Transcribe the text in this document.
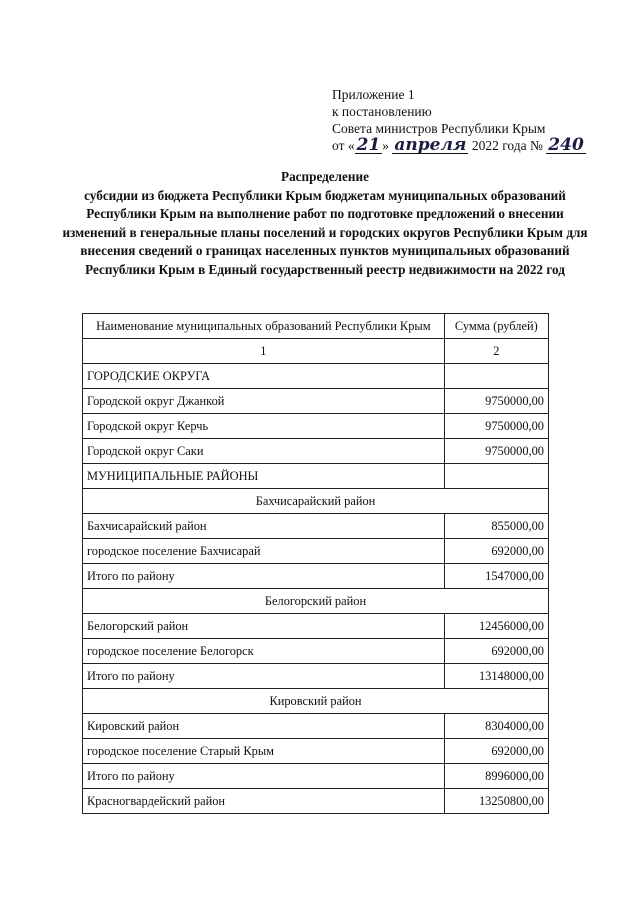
Приложение 1
к постановлению
Совета министров Республики Крым
от « 21 » апреля 2022 года № 240
Распределение
субсидии из бюджета Республики Крым бюджетам муниципальных образований Республики Крым на выполнение работ по подготовке предложений о внесении изменений в генеральные планы поселений и городских округов Республики Крым для внесения сведений о границах населенных пунктов муниципальных образований Республики Крым в Единый государственный реестр недвижимости на 2022 год
Наименование муниципальных образований Республики Крым	Сумма (рублей)
1	2
ГОРОДСКИЕ ОКРУГА	
Городской округ Джанкой	9750000,00
Городской округ Керчь	9750000,00
Городской округ Саки	9750000,00
МУНИЦИПАЛЬНЫЕ РАЙОНЫ	
Бахчисарайский район	
Бахчисарайский район	855000,00
городское поселение Бахчисарай	692000,00
Итого по району	1547000,00
Белогорский район	
Белогорский район	12456000,00
городское поселение Белогорск	692000,00
Итого по району	13148000,00
Кировский район	
Кировский район	8304000,00
городское поселение Старый Крым	692000,00
Итого по району	8996000,00
Красногвардейский район	13250800,00
